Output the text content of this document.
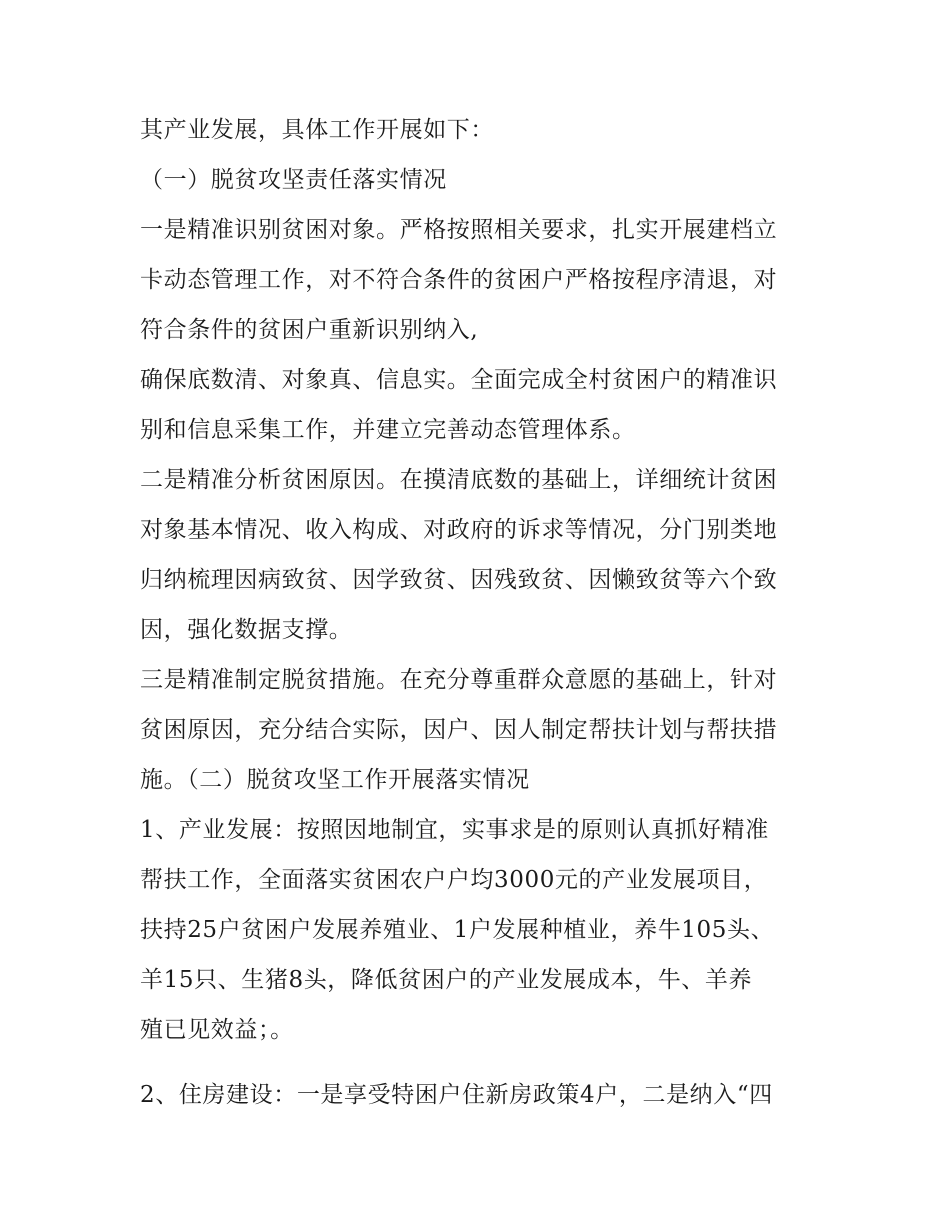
其产业发展，具体工作开展如下：

（一）脱贫攻坚责任落实情况

一是精准识别贫困对象。严格按照相关要求，扎实开展建档立

卡动态管理工作，对不符合条件的贫困户严格按程序清退，对

符合条件的贫困户重新识别纳入,

确保底数清、对象真、信息实。全面完成全村贫困户的精准识

别和信息采集工作，并建立完善动态管理体系。

二是精准分析贫困原因。在摸清底数的基础上，详细统计贫困

对象基本情况、收入构成、对政府的诉求等情况，分门别类地

归纳梳理因病致贫、因学致贫、因残致贫、因懒致贫等六个致

因，强化数据支撑。

三是精准制定脱贫措施。在充分尊重群众意愿的基础上，针对

贫困原因，充分结合实际，因户、因人制定帮扶计划与帮扶措

施。（二）脱贫攻坚工作开展落实情况

1、产业发展：按照因地制宜，实事求是的原则认真抓好精准

帮扶工作，全面落实贫困农户户均3000元的产业发展项目，

扶持25户贫困户发展养殖业、1户发展种植业，养牛105头、

羊15只、生猪8头，降低贫困户的产业发展成本，牛、羊养

殖已见效益；。

2、住房建设：一是享受特困户住新房政策4户，二是纳入“四
